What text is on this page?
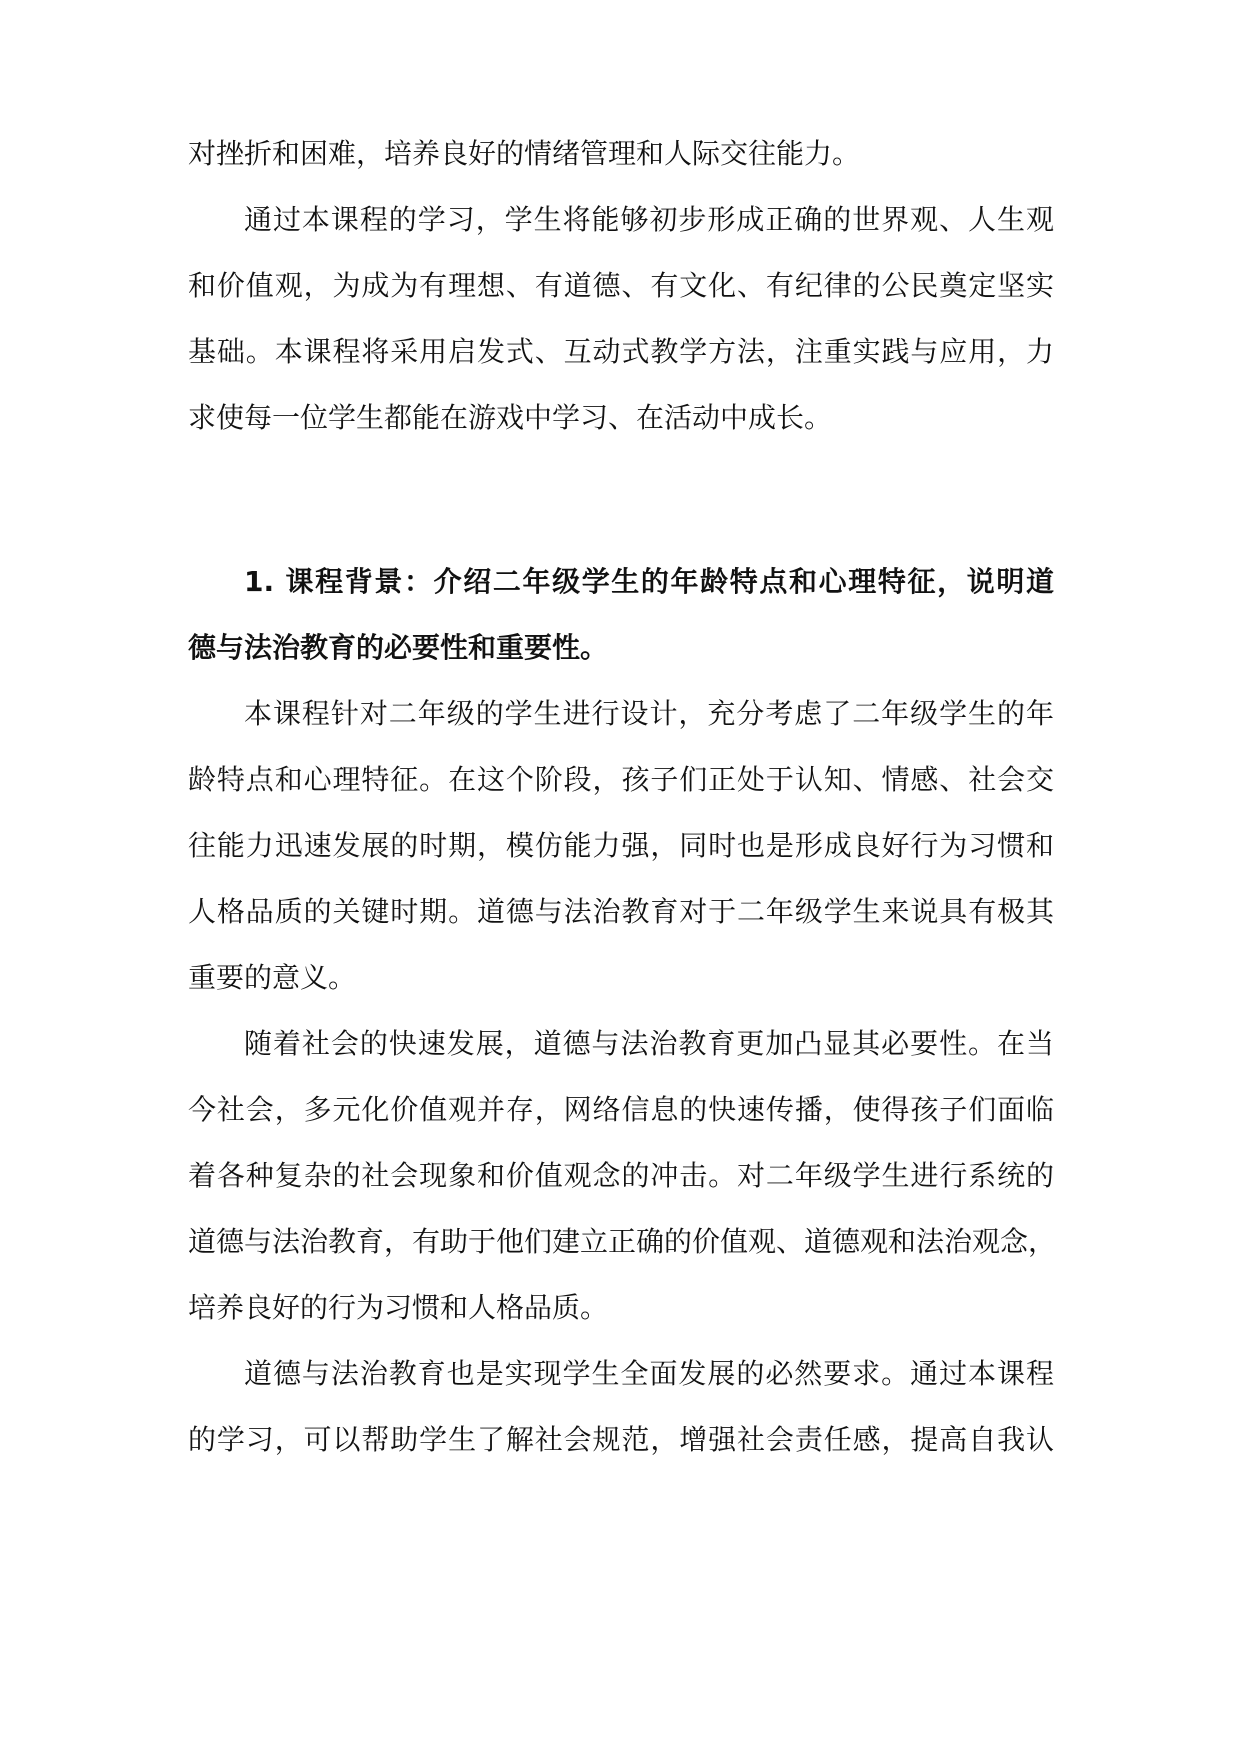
对挫折和困难，培养良好的情绪管理和人际交往能力。
通过本课程的学习，学生将能够初步形成正确的世界观、人生观
和价值观，为成为有理想、有道德、有文化、有纪律的公民奠定坚实
基础。本课程将采用启发式、互动式教学方法，注重实践与应用，力
求使每一位学生都能在游戏中学习、在活动中成长。
1. 课程背景：介绍二年级学生的年龄特点和心理特征，说明道
德与法治教育的必要性和重要性。
本课程针对二年级的学生进行设计，充分考虑了二年级学生的年
龄特点和心理特征。在这个阶段，孩子们正处于认知、情感、社会交
往能力迅速发展的时期，模仿能力强，同时也是形成良好行为习惯和
人格品质的关键时期。道德与法治教育对于二年级学生来说具有极其
重要的意义。
随着社会的快速发展，道德与法治教育更加凸显其必要性。在当
今社会，多元化价值观并存，网络信息的快速传播，使得孩子们面临
着各种复杂的社会现象和价值观念的冲击。对二年级学生进行系统的
道德与法治教育，有助于他们建立正确的价值观、道德观和法治观念，
培养良好的行为习惯和人格品质。
道德与法治教育也是实现学生全面发展的必然要求。通过本课程
的学习，可以帮助学生了解社会规范，增强社会责任感，提高自我认
